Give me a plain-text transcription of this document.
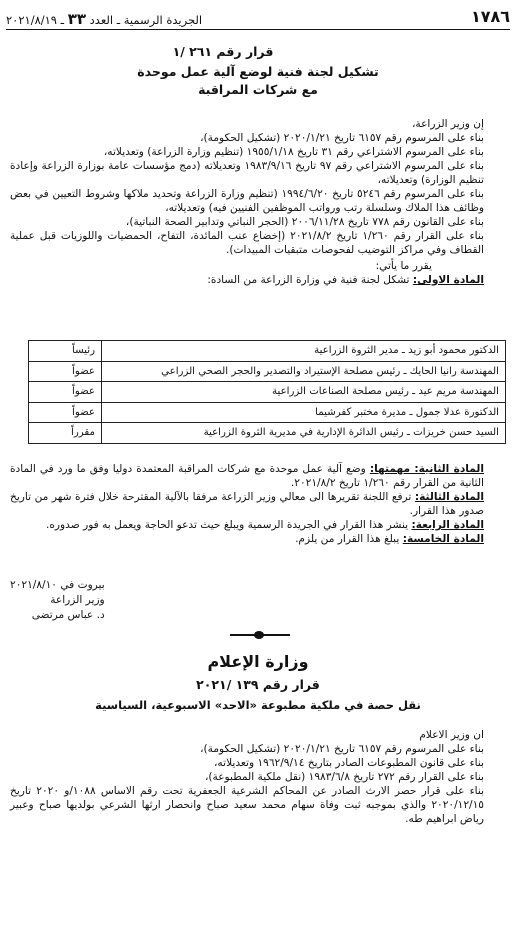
١٧٨٦
الجريدة الرسمية ـ العدد ٣٣ ـ ٢٠٢١/٨/١٩
قرار رقم ٢٦١ /١
تشكيل لجنة فنية لوضع آلية عمل موحدة
مع شركات المراقبة

إن وزير الزراعة،

بناء على المرسوم رقم ٦١٥٧ تاريخ ٢٠٢٠/١/٢١ (تشكيل الحكومة)،

بناء على المرسوم الاشتراعي رقم ٣١ تاريخ ١٩٥٥/١/١٨ (تنظيم وزارة الزراعة) وتعديلاته،

بناء على المرسوم الاشتراعي رقم ٩٧ تاريخ ١٩٨٣/٩/١٦ وتعديلاته (دمج مؤسسات عامة بوزارة الزراعة وإعادة تنظيم الوزارة) وتعديلاته،

بناء على المرسوم رقم ٥٢٤٦ تاريخ ١٩٩٤/٦/٢٠ (تنظيم وزارة الزراعة وتحديد ملاكها وشروط التعيين في بعض وظائف هذا الملاك وسلسلة رتب ورواتب الموظفين الفنيين فيه) وتعديلاته،

بناء على القانون رقم ٧٧٨ تاريخ ٢٠٠٦/١١/٢٨ (الحجر النباتي وتدابير الصحة النباتية)،

بناء على القرار رقم ١/٢٦٠ تاريخ ٢٠٢١/٨/٢ (إخضاع عنب المائدة، التفاح، الحمضيات واللوزيات قبل عملية القطاف وفي مراكز التوضيب لفحوصات متبقيات المبيدات).

يقرر ما يأتي:

المادة الاولى: تشكل لجنة فنية في وزارة الزراعة من السادة:

الدكتور محمود أبو زيد ـ مدير الثروة الزراعية	رئيساً
المهندسة رانيا الحايك ـ رئيس مصلحة الإستيراد والتصدير والحجر الصحي الزراعي	عضواً
المهندسة مريم عيد ـ رئيس مصلحة الصناعات الزراعية	عضواً
الدكتورة عدلا جمول ـ مديرة مختبر كفرشيما	عضواً
السيد حسن خريزات ـ رئيس الدائرة الإدارية في مديرية الثروة الزراعية	مقرراً

المادة الثانية: مهمتها: وضع آلية عمل موحدة مع شركات المراقبة المعتمدة دوليا وفق ما ورد في المادة الثانية من القرار رقم ١/٢٦٠ تاريخ ٢٠٢١/٨/٢.

المادة الثالثة: ترفع اللجنة تقريرها الى معالي وزير الزراعة مرفقا بالآلية المقترحة خلال فترة شهر من تاريخ صدور هذا القرار.

المادة الرابعة: ينشر هذا القرار في الجريدة الرسمية ويبلغ حيث تدعو الحاجة ويعمل به فور صدوره.

المادة الخامسة: يبلغ هذا القرار من يلزم.

بيروت في ٢٠٢١/٨/١٠
وزير الزراعة
د. عباس مرتضى
وزارة الإعلام
قرار رقم ١٣٩ /٢٠٢١
نقل حصة في ملكية مطبوعة «الاحد» الاسبوعية، السياسية

ان وزير الاعلام

بناء على المرسوم رقم ٦١٥٧ تاريخ ٢٠٢٠/١/٢١ (تشكيل الحكومة)،

بناء على قانون المطبوعات الصادر بتاريخ ١٩٦٢/٩/١٤ وتعديلاته،

بناء على القرار رقم ٢٧٢ تاريخ ١٩٨٣/٦/٨ (نقل ملكية المطبوعة)،

بناء على قرار حصر الارث الصادر عن المحاكم الشرعية الجعفرية تحت رقم الاساس ١٠٨٨/و ٢٠٢٠ تاريخ ٢٠٢٠/١٢/١٥ والذي بموجبه ثبت وفاة سهام محمد سعيد صباح وانحصار ارثها الشرعي بولديها صباح وعبير رياض ابراهيم طه.
